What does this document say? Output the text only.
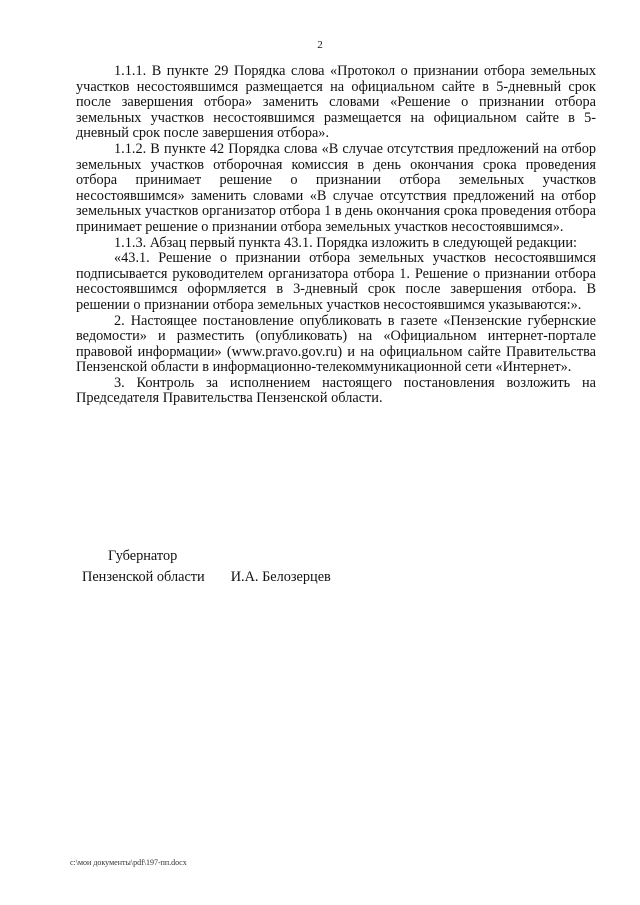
2

1.1.1. В пункте 29 Порядка слова «Протокол о признании отбора земельных участков несостоявшимся размещается на официальном сайте в 5-дневный срок после завершения отбора» заменить словами «Решение о признании отбора земельных участков несостоявшимся размещается на официальном сайте в 5-дневный срок после завершения отбора».

1.1.2. В пункте 42 Порядка слова «В случае отсутствия предложений на отбор земельных участков отборочная комиссия в день окончания срока проведения отбора принимает решение о признании отбора земельных участков несостоявшимся» заменить словами «В случае отсутствия предложений на отбор земельных участков организатор отбора 1 в день окончания срока проведения отбора принимает решение о признании отбора земельных участков несостоявшимся».

1.1.3. Абзац первый пункта 43.1. Порядка изложить в следующей редакции:

«43.1. Решение о признании отбора земельных участков несостоявшимся подписывается руководителем организатора отбора 1. Решение о признании отбора несостоявшимся оформляется в 3-дневный срок после завершения отбора. В решении о признании отбора земельных участков несостоявшимся указываются:».

2. Настоящее постановление опубликовать в газете «Пензенские губернские ведомости» и разместить (опубликовать) на «Официальном интернет-портале правовой информации» (www.pravo.gov.ru) и на официальном сайте Правительства Пензенской области в информационно-телекоммуникационной сети «Интернет».

3. Контроль за исполнением настоящего постановления возложить на Председателя Правительства Пензенской области.

Губернатор
Пензенской области И.А. Белозерцев
c:\мои документы\pdf\197-пп.docx
